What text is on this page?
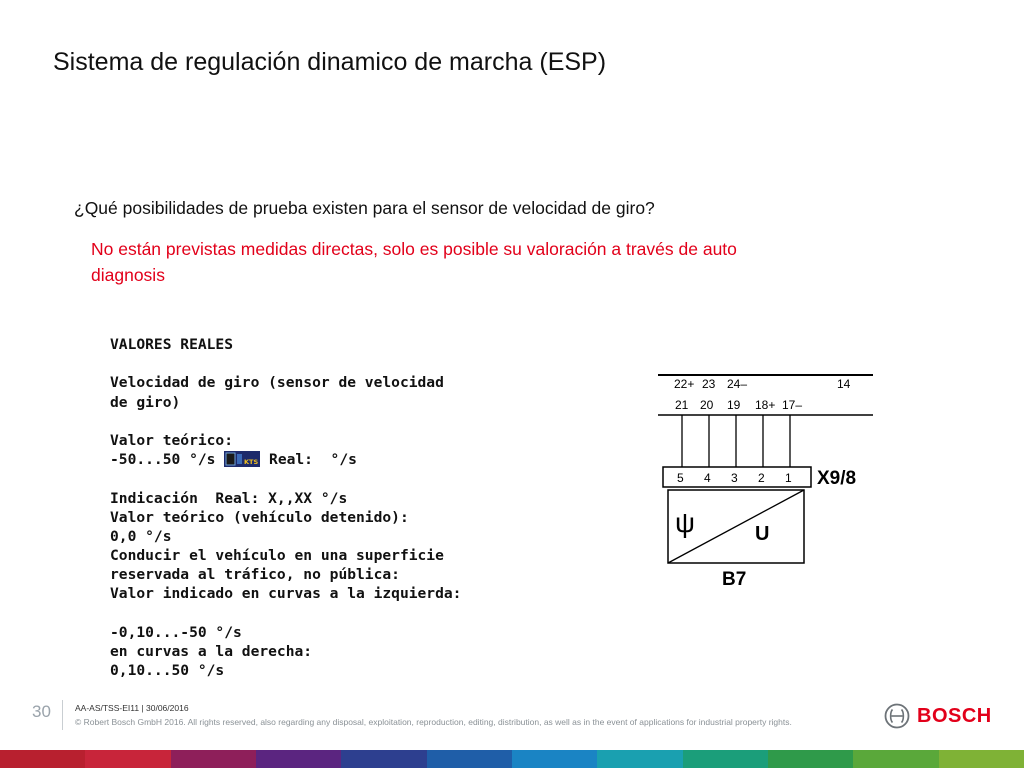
Sistema de regulación dinamico de marcha (ESP)
¿Qué posibilidades de prueba existen para el sensor de velocidad de giro?
No están previstas medidas directas, solo es posible su valoración a través de auto diagnosis
VALORES REALES
Velocidad de giro (sensor de velocidad
de giro)
Valor teórico:
-50...50 °/s	KTS Real:  °/s
Indicación  Real: X,,XX °/s
Valor teórico (vehículo detenido):
0,0 °/s
Conducir el vehículo en una superficie
reservada al tráfico, no pública:
Valor indicado en curvas a la izquierda:
-0,10...-50 °/s
en curvas a la derecha:
0,10...50 °/s
22+ 23 24–	14
21 20 19 18+ 17–
5 4 3 2 1 X9/8
ψ	U
B7
30	AA-AS/TSS-EI11 | 30/06/2016
© Robert Bosch GmbH 2016. All rights reserved, also regarding any disposal, exploitation, reproduction, editing, distribution, as well as in the event of applications for industrial property rights.	BOSCH
